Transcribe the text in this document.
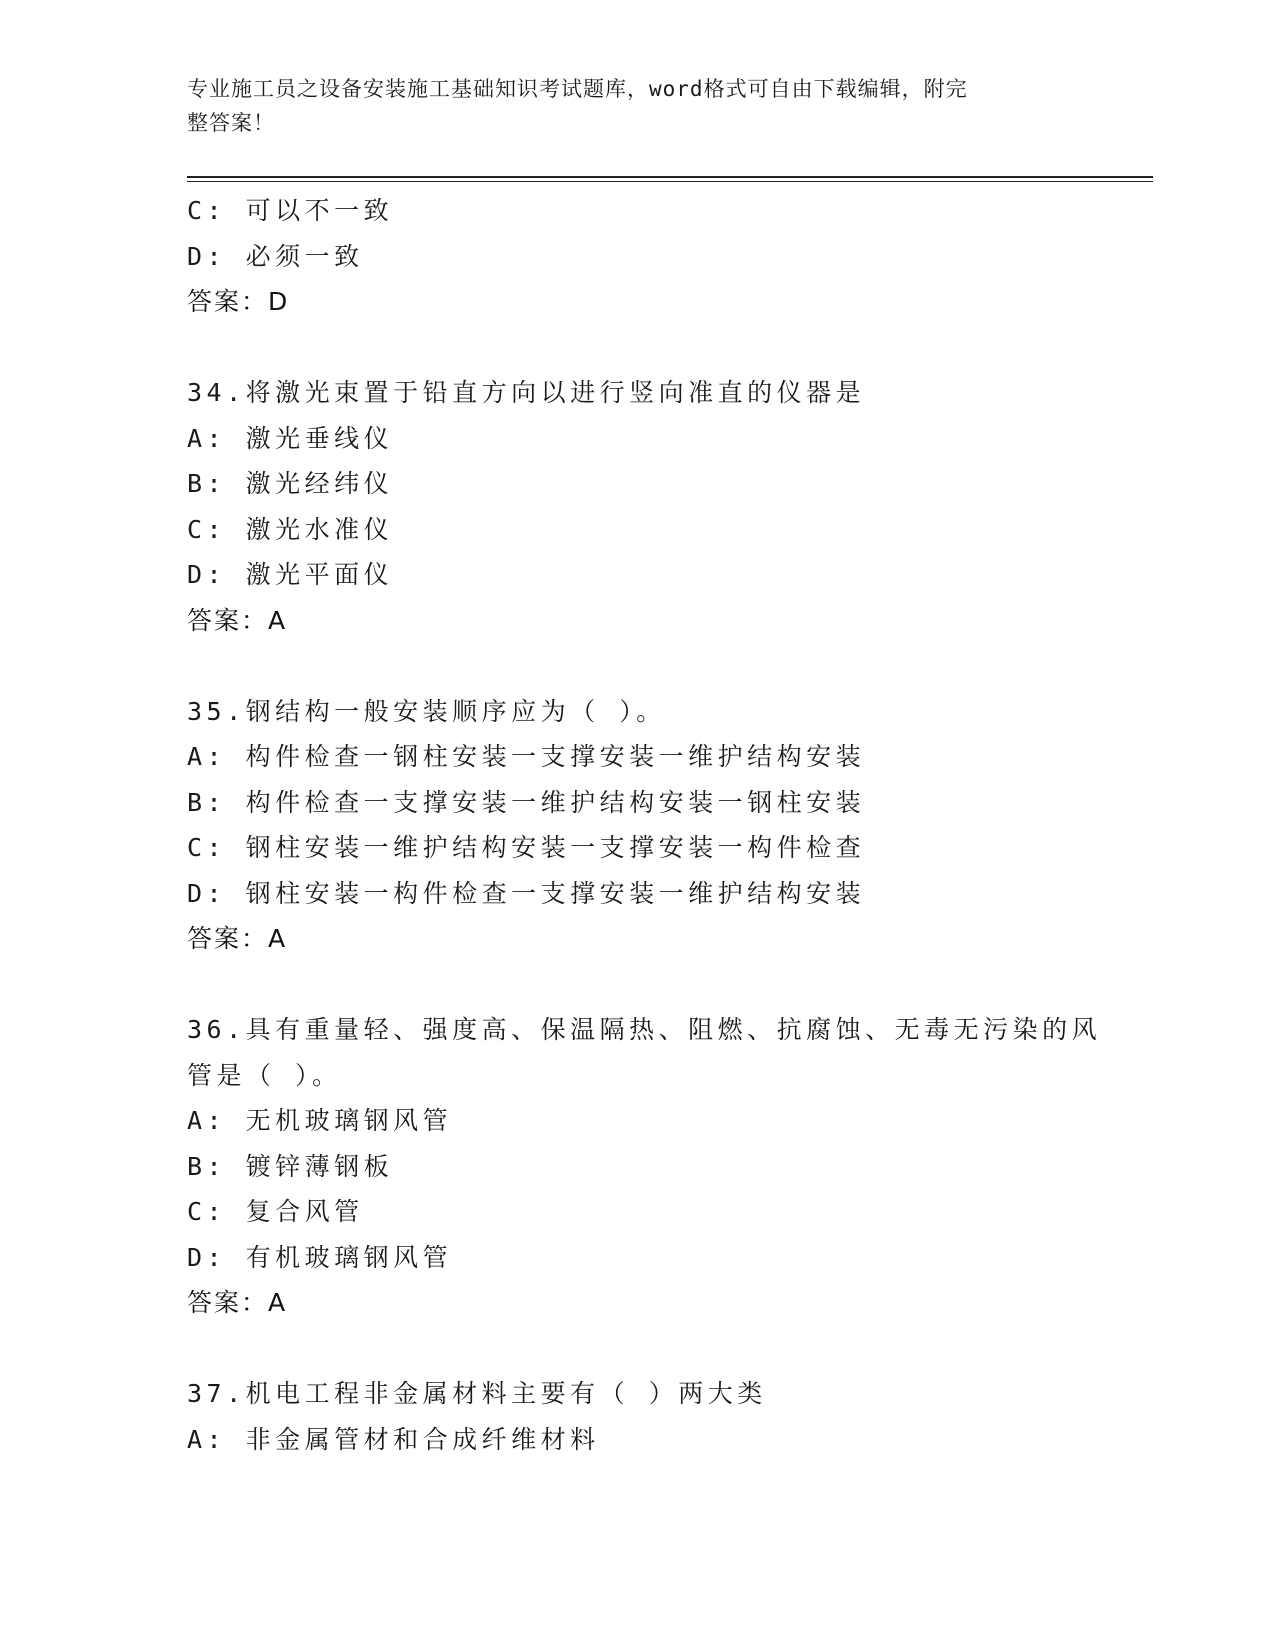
专业施工员之设备安装施工基础知识考试题库，word格式可自由下载编辑，附完
整答案！
C: 可以不一致
D: 必须一致
答案：D
34.将激光束置于铅直方向以进行竖向准直的仪器是
A: 激光垂线仪
B: 激光经纬仪
C: 激光水准仪
D: 激光平面仪
答案：A
35.钢结构一般安装顺序应为（ ）。
A: 构件检查一钢柱安装一支撑安装一维护结构安装
B: 构件检查一支撑安装一维护结构安装一钢柱安装
C: 钢柱安装一维护结构安装一支撑安装一构件检查
D: 钢柱安装一构件检查一支撑安装一维护结构安装
答案：A
36.具有重量轻、强度高、保温隔热、阻燃、抗腐蚀、无毒无污染的风
管是（ ）。
A: 无机玻璃钢风管
B: 镀锌薄钢板
C: 复合风管
D: 有机玻璃钢风管
答案：A
37.机电工程非金属材料主要有（ ）两大类
A: 非金属管材和合成纤维材料
